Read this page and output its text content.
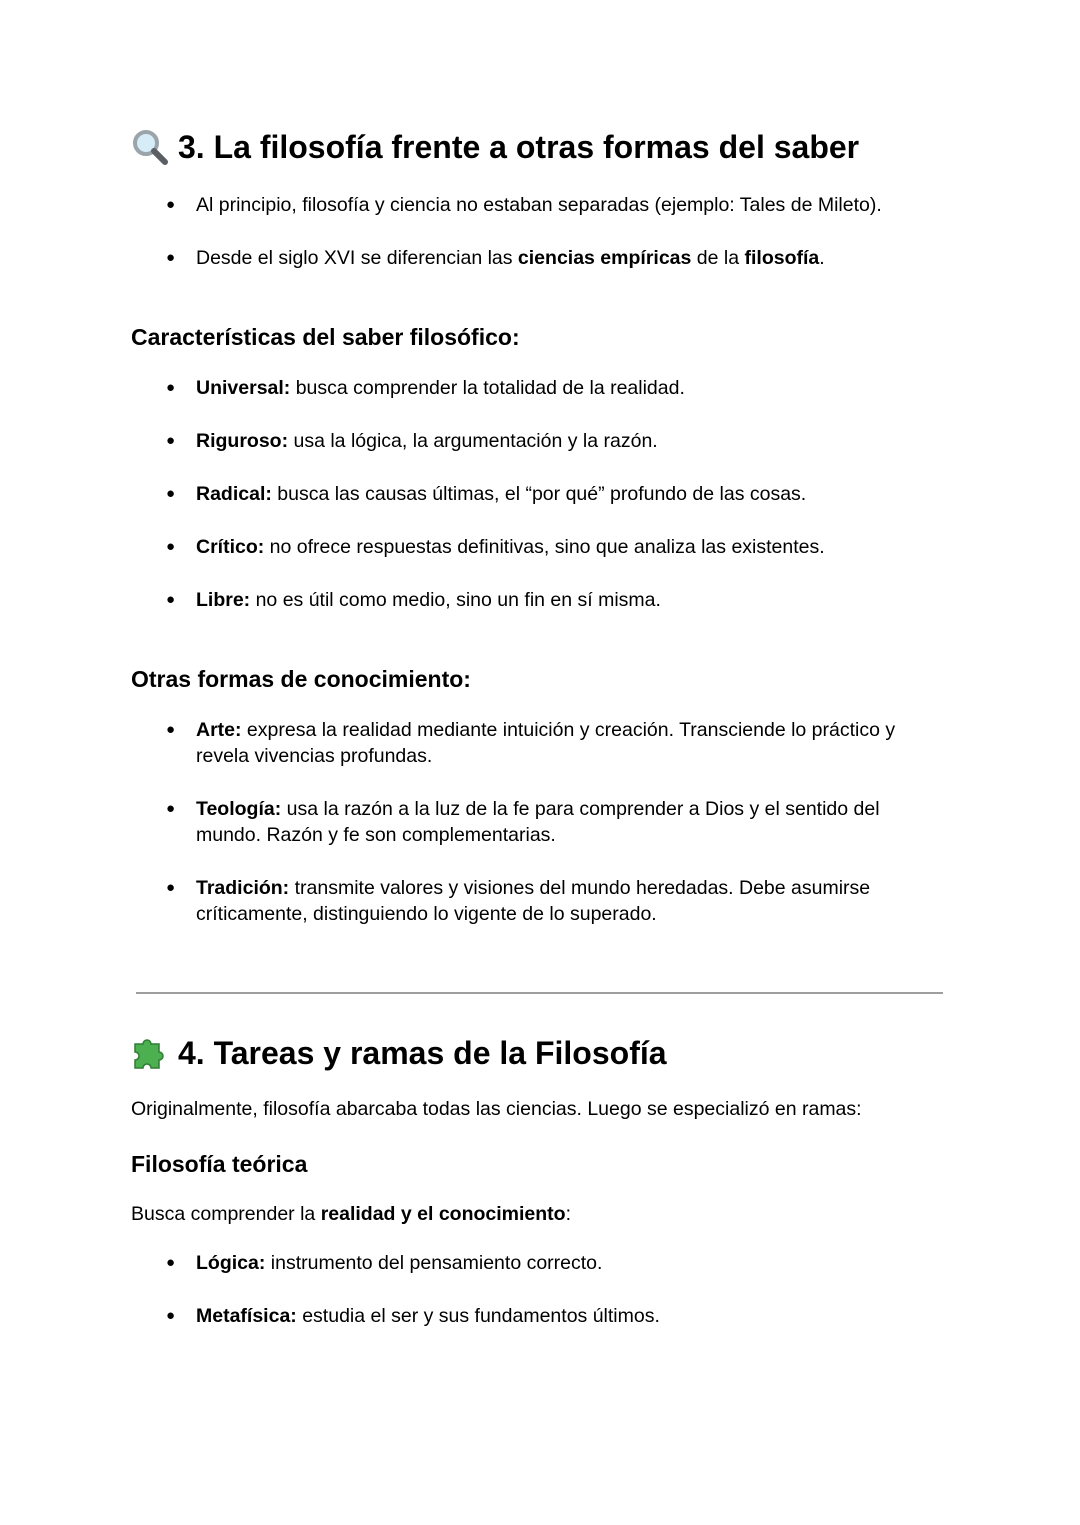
3. La filosofía frente a otras formas del saber
● Al principio, filosofía y ciencia no estaban separadas (ejemplo: Tales de Mileto).
● Desde el siglo XVI se diferencian las ciencias empíricas de la filosofía.
Características del saber filosófico:
● Universal: busca comprender la totalidad de la realidad.
● Riguroso: usa la lógica, la argumentación y la razón.
● Radical: busca las causas últimas, el “por qué” profundo de las cosas.
● Crítico: no ofrece respuestas definitivas, sino que analiza las existentes.
● Libre: no es útil como medio, sino un fin en sí misma.
Otras formas de conocimiento:
● Arte: expresa la realidad mediante intuición y creación. Transciende lo práctico y revela vivencias profundas.
● Teología: usa la razón a la luz de la fe para comprender a Dios y el sentido del mundo. Razón y fe son complementarias.
● Tradición: transmite valores y visiones del mundo heredadas. Debe asumirse críticamente, distinguiendo lo vigente de lo superado.
4. Tareas y ramas de la Filosofía

Originalmente, filosofía abarcaba todas las ciencias. Luego se especializó en ramas:

Filosofía teórica

Busca comprender la realidad y el conocimiento:

● Lógica: instrumento del pensamiento correcto.
● Metafísica: estudia el ser y sus fundamentos últimos.
